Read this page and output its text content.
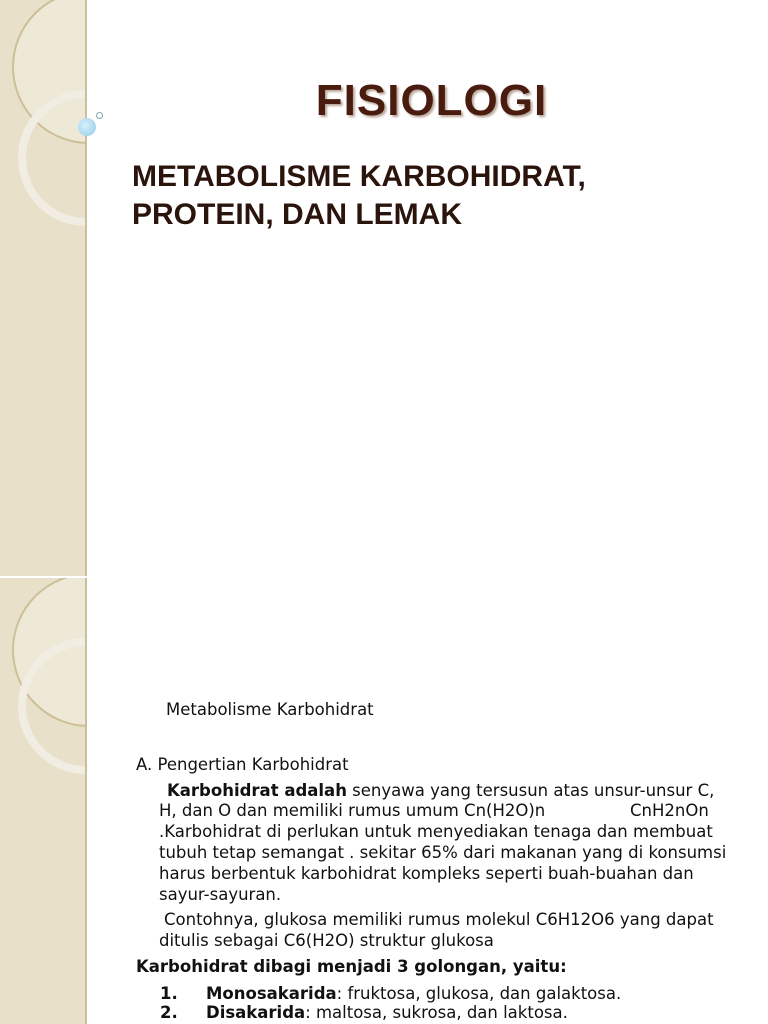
FISIOLOGI
METABOLISME KARBOHIDRAT,
PROTEIN, DAN LEMAK
Metabolisme Karbohidrat
A. Pengertian Karbohidrat
Karbohidrat adalah senyawa yang tersusun atas unsur-unsur C,
H, dan O dan memiliki rumus umum Cn(H2O)n	CnH2nOn
.Karbohidrat di perlukan untuk menyediakan tenaga dan membuat
tubuh tetap semangat . sekitar 65% dari makanan yang di konsumsi
harus berbentuk karbohidrat kompleks seperti buah-buahan dan
sayur-sayuran.
Contohnya, glukosa memiliki rumus molekul C6H12O6 yang dapat
ditulis sebagai C6(H2O) struktur glukosa
Karbohidrat dibagi menjadi 3 golongan, yaitu:
1. Monosakarida: fruktosa, glukosa, dan galaktosa.
2. Disakarida: maltosa, sukrosa, dan laktosa.
